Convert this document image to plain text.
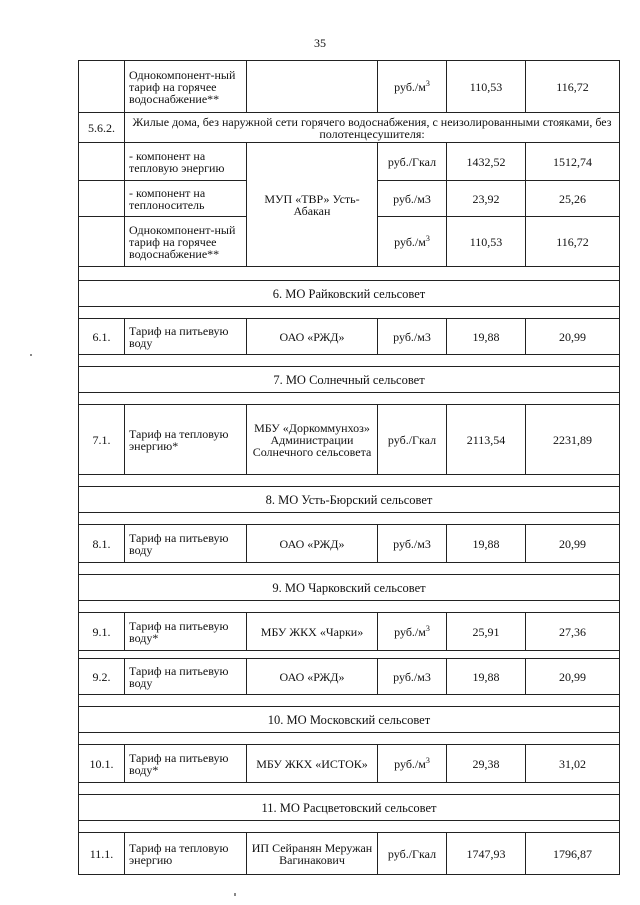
35
	Однокомпонент-ный тариф на горячее водоснабжение**		$руб./м^3$	110,53	116,72
5.6.2.	Жилые дома, без наружной сети горячего водоснабжения, с неизолированными стояками, без полотенцесушителя:				
	- компонент на тепловую энергию	МУП «ТВР» Усть-Абакан	руб./Гкал	1432,52	1512,74
	- компонент на теплоноситель		руб./м3	23,92	25,26
	Однокомпонент-ный тариф на горячее водоснабжение**		$руб./м^3$	110,53	116,72

6. МО Райковский сельсовет					

6.1.	Тариф на питьевую воду	ОАО «РЖД»	руб./м3	19,88	20,99

7. МО Солнечный сельсовет					

7.1.	Тариф на тепловую энергию*	МБУ «Доркоммунхоз» Администрации Солнечного сельсовета	руб./Гкал	2113,54	2231,89

8. МО Усть-Бюрский сельсовет					

8.1.	Тариф на питьевую воду	ОАО «РЖД»	руб./м3	19,88	20,99

9. МО Чарковский сельсовет					

9.1.	Тариф на питьевую воду*	МБУ ЖКХ «Чарки»	$руб./м^3$	25,91	27,36

9.2.	Тариф на питьевую воду	ОАО «РЖД»	руб./м3	19,88	20,99

10. МО Московский сельсовет					

10.1.	Тариф на питьевую воду*	МБУ ЖКХ «ИСТОК»	$руб./м^3$	29,38	31,02

11. МО Расцветовский сельсовет					

11.1.	Тариф на тепловую энергию	ИП Сейранян Меружан Вагинакович	руб./Гкал	1747,93	1796,87
